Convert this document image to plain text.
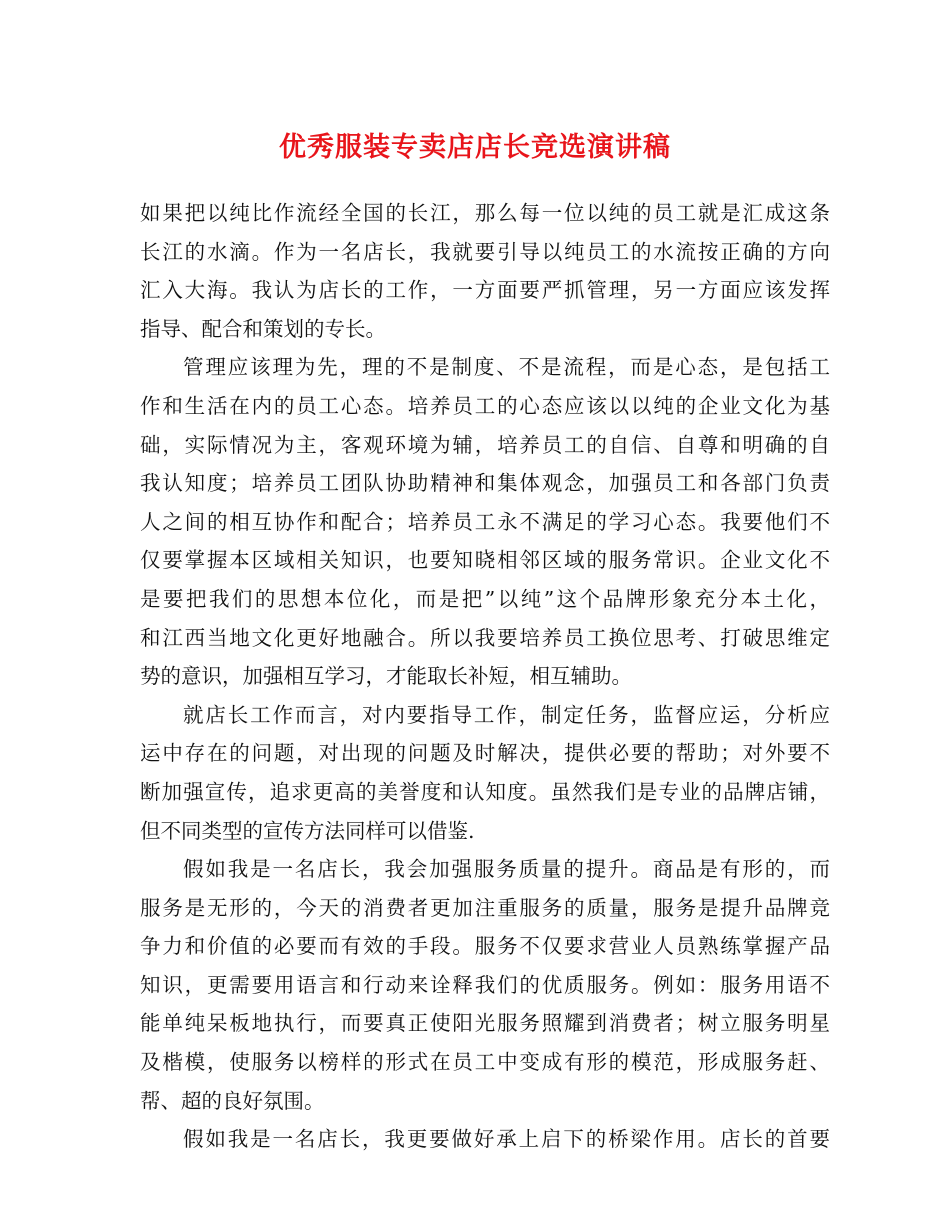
优秀服装专卖店店长竞选演讲稿
如果把以纯比作流经全国的长江，那么每一位以纯的员工就是汇成这条
长江的水滴。作为一名店长，我就要引导以纯员工的水流按正确的方向
汇入大海。我认为店长的工作，一方面要严抓管理，另一方面应该发挥
指导、配合和策划的专长。
管理应该理为先，理的不是制度、不是流程，而是心态，是包括工
作和生活在内的员工心态。培养员工的心态应该以以纯的企业文化为基
础，实际情况为主，客观环境为辅，培养员工的自信、自尊和明确的自
我认知度；培养员工团队协助精神和集体观念，加强员工和各部门负责
人之间的相互协作和配合；培养员工永不满足的学习心态。我要他们不
仅要掌握本区域相关知识，也要知晓相邻区域的服务常识。企业文化不
是要把我们的思想本位化，而是把”以纯”这个品牌形象充分本土化，
和江西当地文化更好地融合。所以我要培养员工换位思考、打破思维定
势的意识，加强相互学习，才能取长补短，相互辅助。
就店长工作而言，对内要指导工作，制定任务，监督应运，分析应
运中存在的问题，对出现的问题及时解决，提供必要的帮助；对外要不
断加强宣传，追求更高的美誉度和认知度。虽然我们是专业的品牌店铺，
但不同类型的宣传方法同样可以借鉴.
假如我是一名店长，我会加强服务质量的提升。商品是有形的，而
服务是无形的，今天的消费者更加注重服务的质量，服务是提升品牌竞
争力和价值的必要而有效的手段。服务不仅要求营业人员熟练掌握产品
知识，更需要用语言和行动来诠释我们的优质服务。例如：服务用语不
能单纯呆板地执行，而要真正使阳光服务照耀到消费者；树立服务明星
及楷模，使服务以榜样的形式在员工中变成有形的模范，形成服务赶、
帮、超的良好氛围。
假如我是一名店长，我更要做好承上启下的桥梁作用。店长的首要
